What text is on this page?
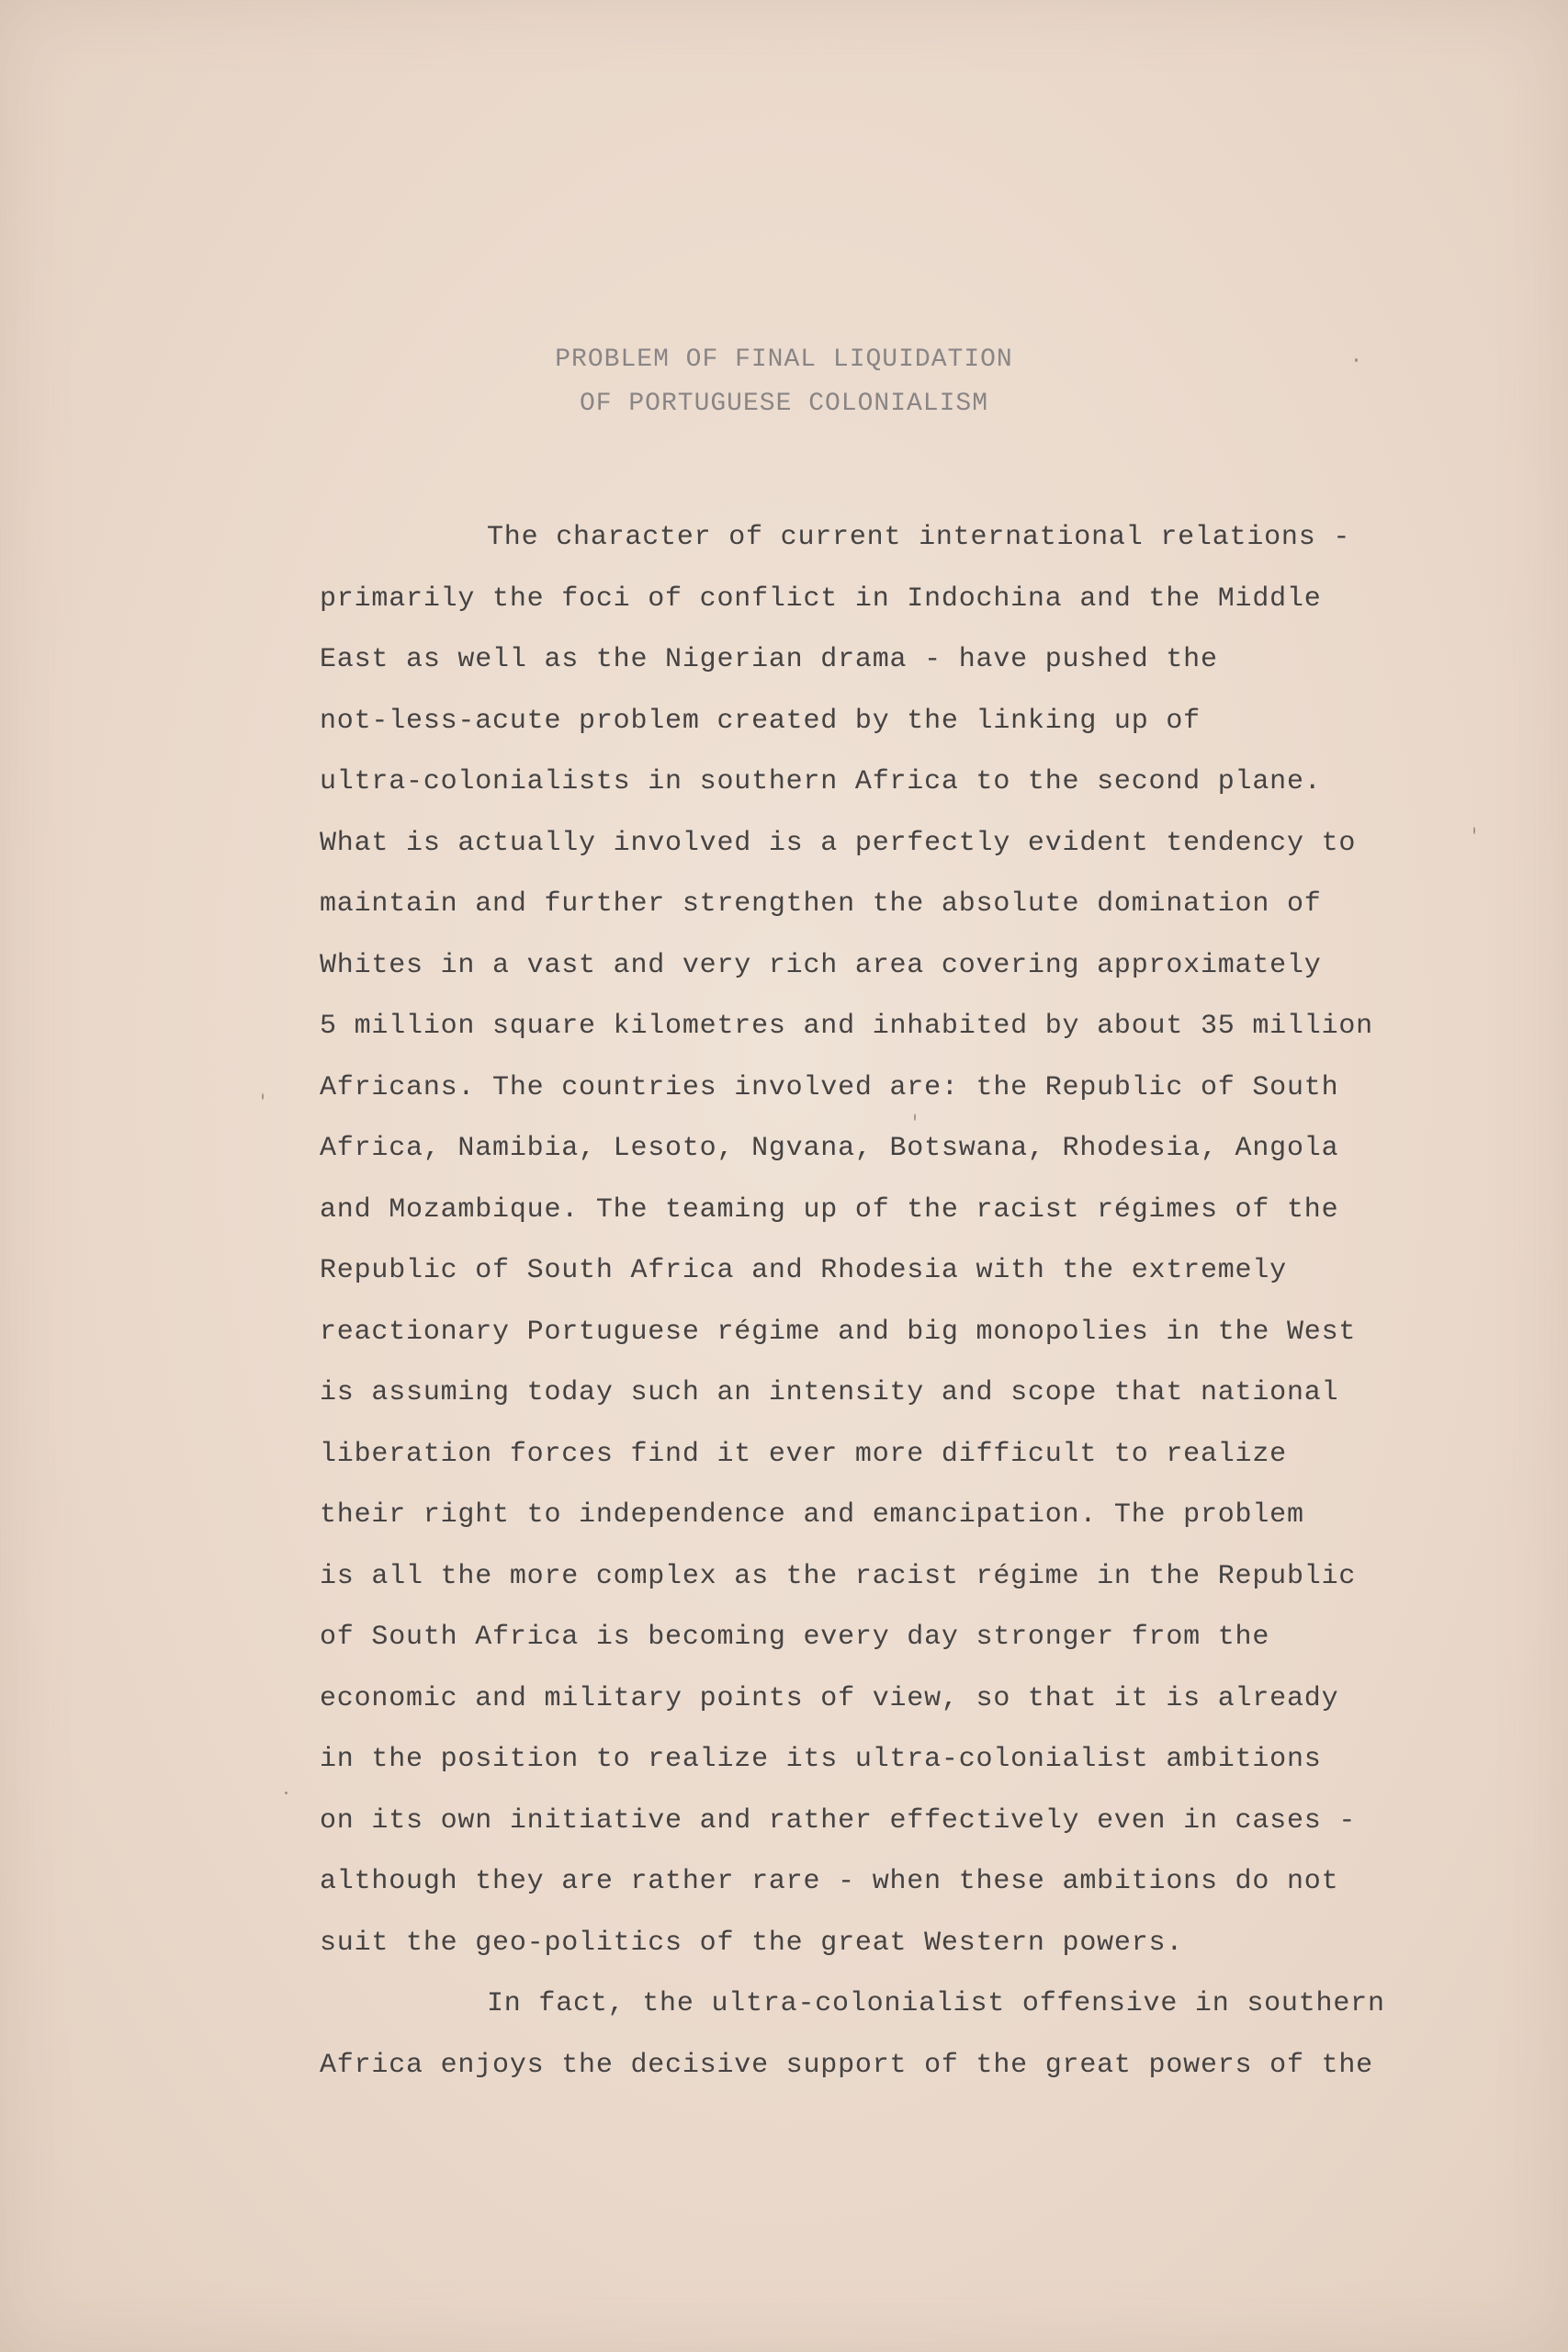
PROBLEM OF FINAL LIQUIDATION
OF PORTUGUESE COLONIALISM
The character of current international relations -
primarily the foci of conflict in Indochina and the Middle
East as well as the Nigerian drama - have pushed the
not-less-acute problem created by the linking up of
ultra-colonialists in southern Africa to the second plane.
What is actually involved is a perfectly evident tendency to
maintain and further strengthen the absolute domination of
Whites in a vast and very rich area covering approximately
5 million square kilometres and inhabited by about 35 million
Africans. The countries involved are: the Republic of South
Africa, Namibia, Lesoto, Ngvana, Botswana, Rhodesia, Angola
and Mozambique. The teaming up of the racist régimes of the
Republic of South Africa and Rhodesia with the extremely
reactionary Portuguese régime and big monopolies in the West
is assuming today such an intensity and scope that national
liberation forces find it ever more difficult to realize
their right to independence and emancipation. The problem
is all the more complex as the racist régime in the Republic
of South Africa is becoming every day stronger from the
economic and military points of view, so that it is already
in the position to realize its ultra-colonialist ambitions
on its own initiative and rather effectively even in cases -
although they are rather rare - when these ambitions do not
suit the geo-politics of the great Western powers.
In fact, the ultra-colonialist offensive in southern
Africa enjoys the decisive support of the great powers of the
